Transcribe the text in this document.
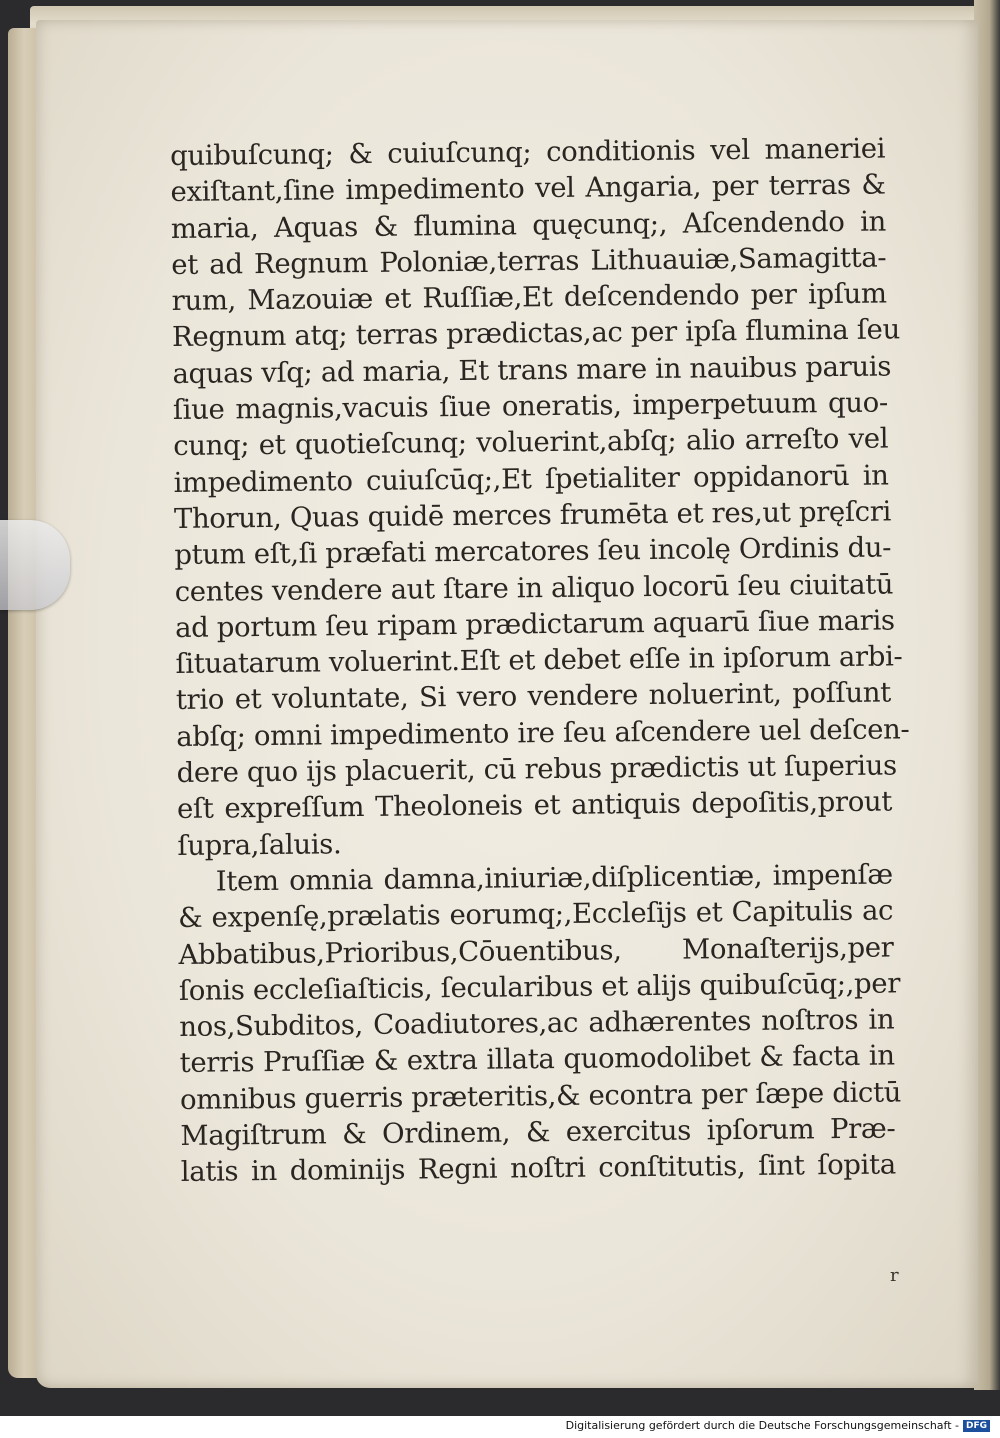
quibuſcunq; & cuiuſcunq; conditionis vel maneriei
exiſtant,ſine impedimento vel Angaria, per terras &
maria, Aquas & flumina quęcunq;, Aſcendendo in
et ad Regnum Poloniæ,terras Lithuauiæ,Samagitta-
rum, Mazouiæ et Ruſſiæ,Et deſcendendo per ipſum
Regnum atq; terras prædictas,ac per ipſa flumina ſeu
aquas vſq; ad maria, Et trans mare in nauibus paruis
ſiue magnis,vacuis ſiue oneratis, imperpetuum quo-
cunq; et quotieſcunq; voluerint,abſq; alio arreſto vel
impedimento cuiuſcūq;,Et ſpetialiter oppidanorū in
Thorun, Quas quidē merces frumēta et res,ut pręſcri
ptum eſt,ſi præfati mercatores ſeu incolę Ordinis du-
centes vendere aut ſtare in aliquo locorū ſeu ciuitatū
ad portum ſeu ripam prædictarum aquarū ſiue maris
ſituatarum voluerint.Eſt et debet eſſe in ipſorum arbi-
trio et voluntate, Si vero vendere noluerint, poſſunt
abſq; omni impedimento ire ſeu aſcendere uel deſcen-
dere quo ijs placuerit, cū rebus prædictis ut ſuperius
eſt expreſſum Theoloneis et antiquis depoſitis,prout
ſupra,ſaluis.
Item omnia damna,iniuriæ,diſplicentiæ, impenſæ
& expenſę,prælatis eorumq;,Eccleſijs et Capitulis ac
Abbatibus,Prioribus,Cōuentibus, Monaſterijs,per
ſonis eccleſiaſticis, ſecularibus et alijs quibuſcūq;,per
nos,Subditos, Coadiutores,ac adhærentes noſtros in
terris Pruſſiæ & extra illata quomodolibet & facta in
omnibus guerris præteritis,& econtra per ſæpe dictū
Magiſtrum & Ordinem, & exercitus ipſorum Præ-
latis in dominijs Regni noſtri conſtitutis, ſint ſopita
r
Digitalisierung gefördert durch die Deutsche Forschungsgemeinschaft - DFG
